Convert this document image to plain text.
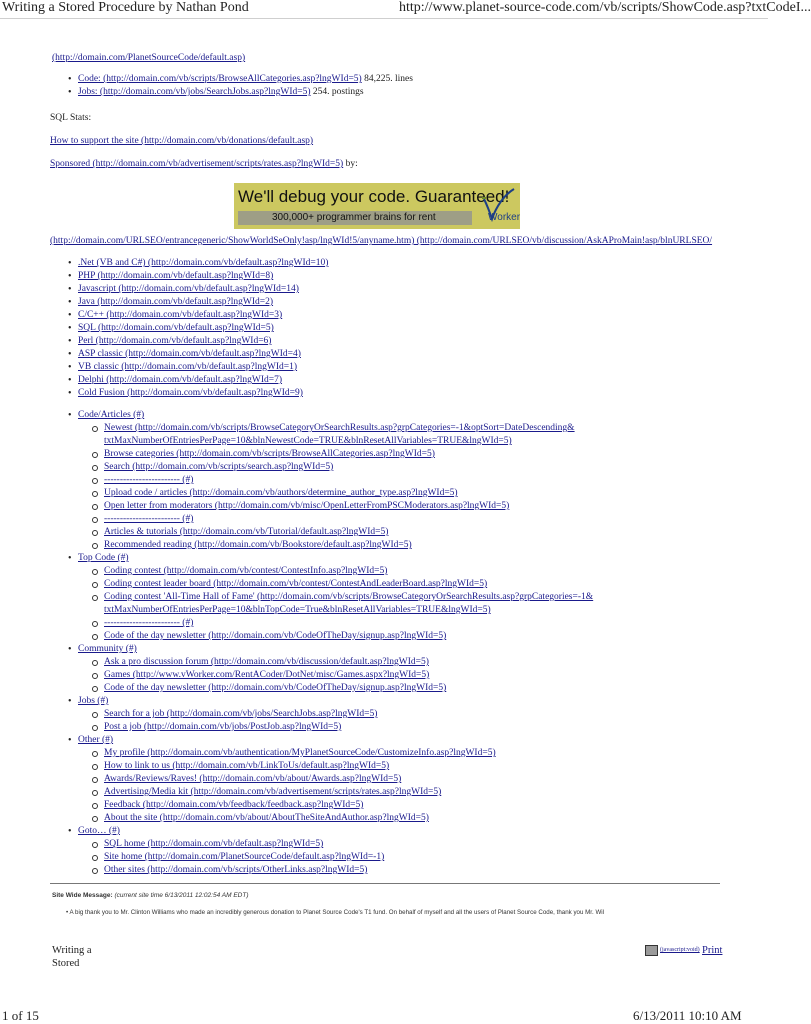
Writing a Stored Procedure by Nathan Pond	http://www.planet-source-code.com/vb/scripts/ShowCode.asp?txtCodeI...
(http://domain.com/PlanetSourceCode/default.asp)
• Code: (http://domain.com/vb/scripts/BrowseAllCategories.asp?lngWId=5) 84,225. lines
• Jobs: (http://domain.com/vb/jobs/SearchJobs.asp?lngWId=5) 254. postings
SQL Stats:
How to support the site (http://domain.com/vb/donations/default.asp)
Sponsored (http://domain.com/vb/advertisement/scripts/rates.asp?lngWId=5) by:
We'll debug your code. Guaranteed!
300,000+ programmer brains for rent	Worker
(http://domain.com/URLSEO/entrancegeneric/ShowWorldSeOnly!asp/lngWId!5/anyname.htm) (http://domain.com/URLSEO/vb/discussion/AskAProMain!asp/blnURLSEO/
• .Net (VB and C#) (http://domain.com/vb/default.asp?lngWId=10)
• PHP (http://domain.com/vb/default.asp?lngWId=8)
• Javascript (http://domain.com/vb/default.asp?lngWId=14)
• Java (http://domain.com/vb/default.asp?lngWId=2)
• C/C++ (http://domain.com/vb/default.asp?lngWId=3)
• SQL (http://domain.com/vb/default.asp?lngWId=5)
• Perl (http://domain.com/vb/default.asp?lngWId=6)
• ASP classic (http://domain.com/vb/default.asp?lngWId=4)
• VB classic (http://domain.com/vb/default.asp?lngWId=1)
• Delphi (http://domain.com/vb/default.asp?lngWId=7)
• Cold Fusion (http://domain.com/vb/default.asp?lngWId=9)
• Code/Articles (#)
Newest (http://domain.com/vb/scripts/BrowseCategoryOrSearchResults.asp?grpCategories=-1&optSort=DateDescending&
txtMaxNumberOfEntriesPerPage=10&blnNewestCode=TRUE&blnResetAllVariables=TRUE&lngWId=5)
Browse categories (http://domain.com/vb/scripts/BrowseAllCategories.asp?lngWId=5)
Search (http://domain.com/vb/scripts/search.asp?lngWId=5)
------------------------ (#)
Upload code / articles (http://domain.com/vb/authors/determine_author_type.asp?lngWId=5)
Open letter from moderators (http://domain.com/vb/misc/OpenLetterFromPSCModerators.asp?lngWId=5)
------------------------ (#)
Articles & tutorials (http://domain.com/vb/Tutorial/default.asp?lngWId=5)
Recommended reading (http://domain.com/vb/Bookstore/default.asp?lngWId=5)
• Top Code (#)
Coding contest (http://domain.com/vb/contest/ContestInfo.asp?lngWId=5)
Coding contest leader board (http://domain.com/vb/contest/ContestAndLeaderBoard.asp?lngWId=5)
Coding contest 'All-Time Hall of Fame' (http://domain.com/vb/scripts/BrowseCategoryOrSearchResults.asp?grpCategories=-1&
txtMaxNumberOfEntriesPerPage=10&blnTopCode=True&blnResetAllVariables=TRUE&lngWId=5)
------------------------ (#)
Code of the day newsletter (http://domain.com/vb/CodeOfTheDay/signup.asp?lngWId=5)
• Community (#)
Ask a pro discussion forum (http://domain.com/vb/discussion/default.asp?lngWId=5)
Games (http://www.vWorker.com/RentACoder/DotNet/misc/Games.aspx?lngWId=5)
Code of the day newsletter (http://domain.com/vb/CodeOfTheDay/signup.asp?lngWId=5)
• Jobs (#)
Search for a job (http://domain.com/vb/jobs/SearchJobs.asp?lngWId=5)
Post a job (http://domain.com/vb/jobs/PostJob.asp?lngWId=5)
• Other (#)
My profile (http://domain.com/vb/authentication/MyPlanetSourceCode/CustomizeInfo.asp?lngWId=5)
How to link to us (http://domain.com/vb/LinkToUs/default.asp?lngWId=5)
Awards/Reviews/Raves! (http://domain.com/vb/about/Awards.asp?lngWId=5)
Advertising/Media kit (http://domain.com/vb/advertisement/scripts/rates.asp?lngWId=5)
Feedback (http://domain.com/vb/feedback/feedback.asp?lngWId=5)
About the site (http://domain.com/vb/about/AboutTheSiteAndAuthor.asp?lngWId=5)
• Goto… (#)
SQL home (http://domain.com/vb/default.asp?lngWId=5)
Site home (http://domain.com/PlanetSourceCode/default.asp?lngWId=-1)
Other sites (http://domain.com/vb/scripts/OtherLinks.asp?lngWId=5)
Site Wide Message: (current site time 6/13/2011 12:02:54 AM EDT)
• A big thank you to Mr. Clinton Williams who made an incredibly generous donation to Planet Source Code's T1 fund. On behalf of myself and all the users of Planet Source Code, thank you Mr. Wil
Writing a
Stored
(javascript:void) Print
1 of 15	6/13/2011 10:10 AM
